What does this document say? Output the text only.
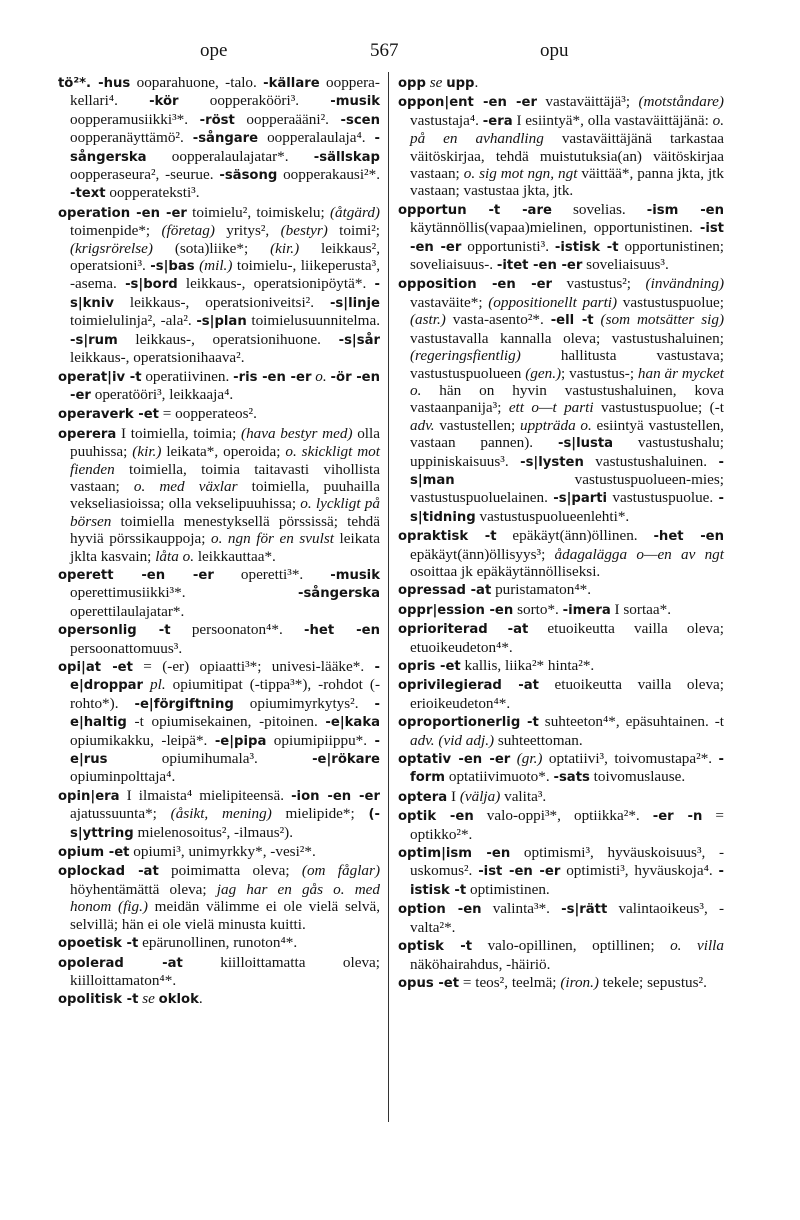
ope	567	opu

tö²*. -hus ooparahuone, -talo. -källare oopperakellari⁴. -kör oopperakööri³. -musik oopperamusiikki³*. -röst oopperaääni². -scen oopperanäyttämö². -sångare oopperalaulaja⁴. -sångerska oopperalaulajatar*. -sällskap oopperaseura², -seurue. -säsong oopperakausi²*. -text oopperateksti³.

operation -en -er toimielu², toimiskelu; (åtgärd) toimenpide*; (företag) yritys², (bestyr) toimi²; (krigsrörelse) (sota)liike*; (kir.) leikkaus², operatsioni³. -s|bas (mil.) toimielu-, liikeperusta³, -asema. -s|bord leikkaus-, operatsionipöytä*. -s|kniv leikkaus-, operatsioniveitsi². -s|linje toimielulinja², -ala². -s|plan toimielusuunnitelma. -s|rum leikkaus-, operatsionihuone. -s|sår leikkaus-, operatsionihaava².

operat|iv -t operatiivinen. -ris -en -er o. -ör -en -er operatööri³, leikkaaja⁴.

operaverk -et = oopperateos².

operera I toimiella, toimia; (hava bestyr med) olla puuhissa; (kir.) leikata*, operoida; o. skickligt mot fienden toimiella, toimia taitavasti vihollista vastaan; o. med växlar toimiella, puuhailla vekseliasioissa; olla vekselipuuhissa; o. lyckligt på börsen toimiella menestyksellä pörssissä; tehdä hyviä pörssikauppoja; o. ngn för en svulst leikata jklta kasvain; låta o. leikkauttaa*.

operett -en -er operetti³*. -musik operettimusiikki³*. -sångerska operettilaulajatar*.

opersonlig -t persoonaton⁴*. -het -en persoonattomuus³.

opi|at -et = (-er) opiaatti³*; univesi-lääke*. -e|droppar pl. opiumitipat (-tippa³*), -rohdot (-rohto*). -e|förgiftning opiumimyrkytys². -e|haltig -t opiumisekainen, -pitoinen. -e|kaka opiumikakku, -leipä*. -e|pipa opiumipiippu*. -e|rus opiumihumala³. -e|rökare opiuminpolttaja⁴.

opin|era I ilmaista⁴ mielipiteensä. -ion -en -er ajatussuunta*; (åsikt, mening) mielipide*; (-s|yttring mielenosoitus², -ilmaus²).

opium -et opiumi³, unimyrkky*, -vesi²*.

oplockad -at poimimatta oleva; (om fåglar) höyhentämättä oleva; jag har en gås o. med honom (fig.) meidän välimme ei ole vielä selvä, selvillä; hän ei ole vielä minusta kuitti.

opoetisk -t epärunollinen, runoton⁴*.

opolerad -at kiilloittamatta oleva; kiilloittamaton⁴*.

opolitisk -t se oklok.

opp se upp.

oppon|ent -en -er vastaväittäjä³; (motståndare) vastustaja⁴. -era I esiintyä*, olla vastaväittäjänä: o. på en avhandling vastaväittäjänä tarkastaa väitöskirjaa, tehdä muistutuksia(an) väitöskirjaa vastaan; o. sig mot ngn, ngt väittää*, panna jkta, jtk vastaan; vastustaa jkta, jtk.

opportun -t -are sovelias. -ism -en käytännöllis(vapaa)mielinen, opportunistinen. -ist -en -er opportunisti³. -istisk -t opportunistinen; soveliaisuus-. -itet -en -er soveliaisuus³.

opposition -en -er vastustus²; (invändning) vastaväite*; (oppositionellt parti) vastustuspuolue; (astr.) vasta-asento²*. -ell -t (som motsätter sig) vastustavalla kannalla oleva; vastustushaluinen; (regeringsfientlig) hallitusta vastustava; vastustuspuolueen (gen.); vastustus-; han är mycket o. hän on hyvin vastustushaluinen, kova vastaanpanija³; ett o—t parti vastustuspuolue; (-t adv. vastustellen; uppträda o. esiintyä vastustellen, vastaan pannen). -s|lusta vastustushalu; uppiniskaisuus³. -s|lysten vastustushaluinen. -s|man vastustuspuolueen-mies; vastustuspuoluelainen. -s|parti vastustuspuolue. -s|tidning vastustuspuolueenlehti*.

opraktisk -t epäkäyt(änn)öllinen. -het -en epäkäyt(änn)öllisyys³; ådagalägga o—en av ngt osoittaa jk epäkäytännölliseksi.

opressad -at puristamaton⁴*.

oppr|ession -en sorto*. -imera I sortaa*.

oprioriterad -at etuoikeutta vailla oleva; etuoikeudeton⁴*.

opris -et kallis, liika²* hinta²*.

oprivilegierad -at etuoikeutta vailla oleva; erioikeudeton⁴*.

oproportionerlig -t suhteeton⁴*, epäsuhtainen. -t adv. (vid adj.) suhteettoman.

optativ -en -er (gr.) optatiivi³, toivomustapa²*. -form optatiivimuoto*. -sats toivomuslause.

optera I (välja) valita³.

optik -en valo-oppi³*, optiikka²*. -er -n = optikko²*.

optim|ism -en optimismi³, hyväuskoisuus³, -uskomus². -ist -en -er optimisti³, hyväuskoja⁴. -istisk -t optimistinen.

option -en valinta³*. -s|rätt valintaoikeus³, -valta²*.

optisk -t valo-opillinen, optillinen; o. villa näköhairahdus, -häiriö.

opus -et = teos², teelmä; (iron.) tekele; sepustus².
